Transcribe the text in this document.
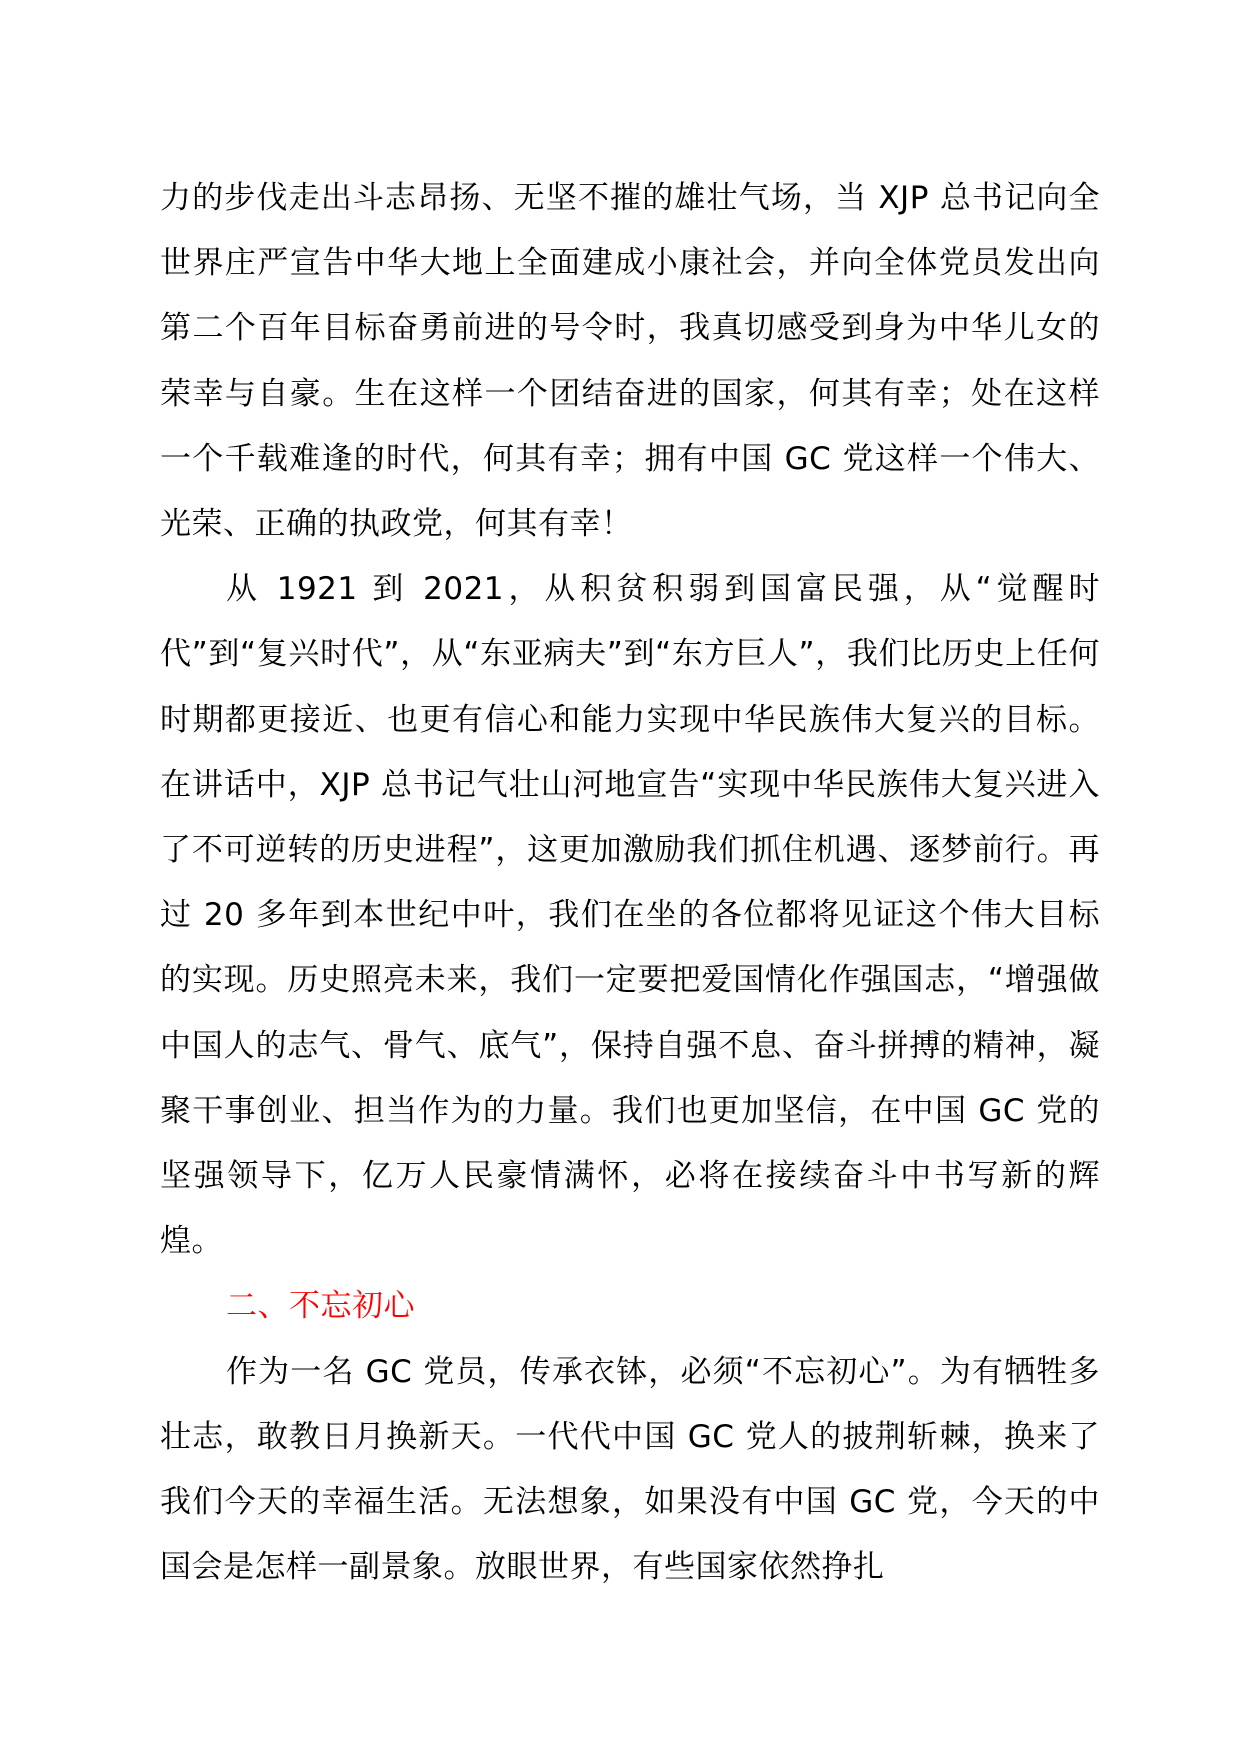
力的步伐走出斗志昂扬、无坚不摧的雄壮气场，当 XJP 总书记向全世界庄严宣告中华大地上全面建成小康社会，并向全体党员发出向第二个百年目标奋勇前进的号令时，我真切感受到身为中华儿女的荣幸与自豪。生在这样一个团结奋进的国家，何其有幸；处在这样一个千载难逢的时代，何其有幸；拥有中国 GC 党这样一个伟大、光荣、正确的执政党，何其有幸！

从 1921 到 2021，从积贫积弱到国富民强，从“觉醒时代”到“复兴时代”，从“东亚病夫”到“东方巨人”，我们比历史上任何时期都更接近、也更有信心和能力实现中华民族伟大复兴的目标。在讲话中，XJP 总书记气壮山河地宣告“实现中华民族伟大复兴进入了不可逆转的历史进程”，这更加激励我们抓住机遇、逐梦前行。再过 20 多年到本世纪中叶，我们在坐的各位都将见证这个伟大目标的实现。历史照亮未来，我们一定要把爱国情化作强国志，“增强做中国人的志气、骨气、底气”，保持自强不息、奋斗拼搏的精神，凝聚干事创业、担当作为的力量。我们也更加坚信，在中国 GC 党的坚强领导下，亿万人民豪情满怀，必将在接续奋斗中书写新的辉煌。

二、不忘初心

作为一名 GC 党员，传承衣钵，必须“不忘初心”。为有牺牲多壮志，敢教日月换新天。一代代中国 GC 党人的披荆斩棘，换来了我们今天的幸福生活。无法想象，如果没有中国 GC 党，今天的中国会是怎样一副景象。放眼世界，有些国家依然挣扎
